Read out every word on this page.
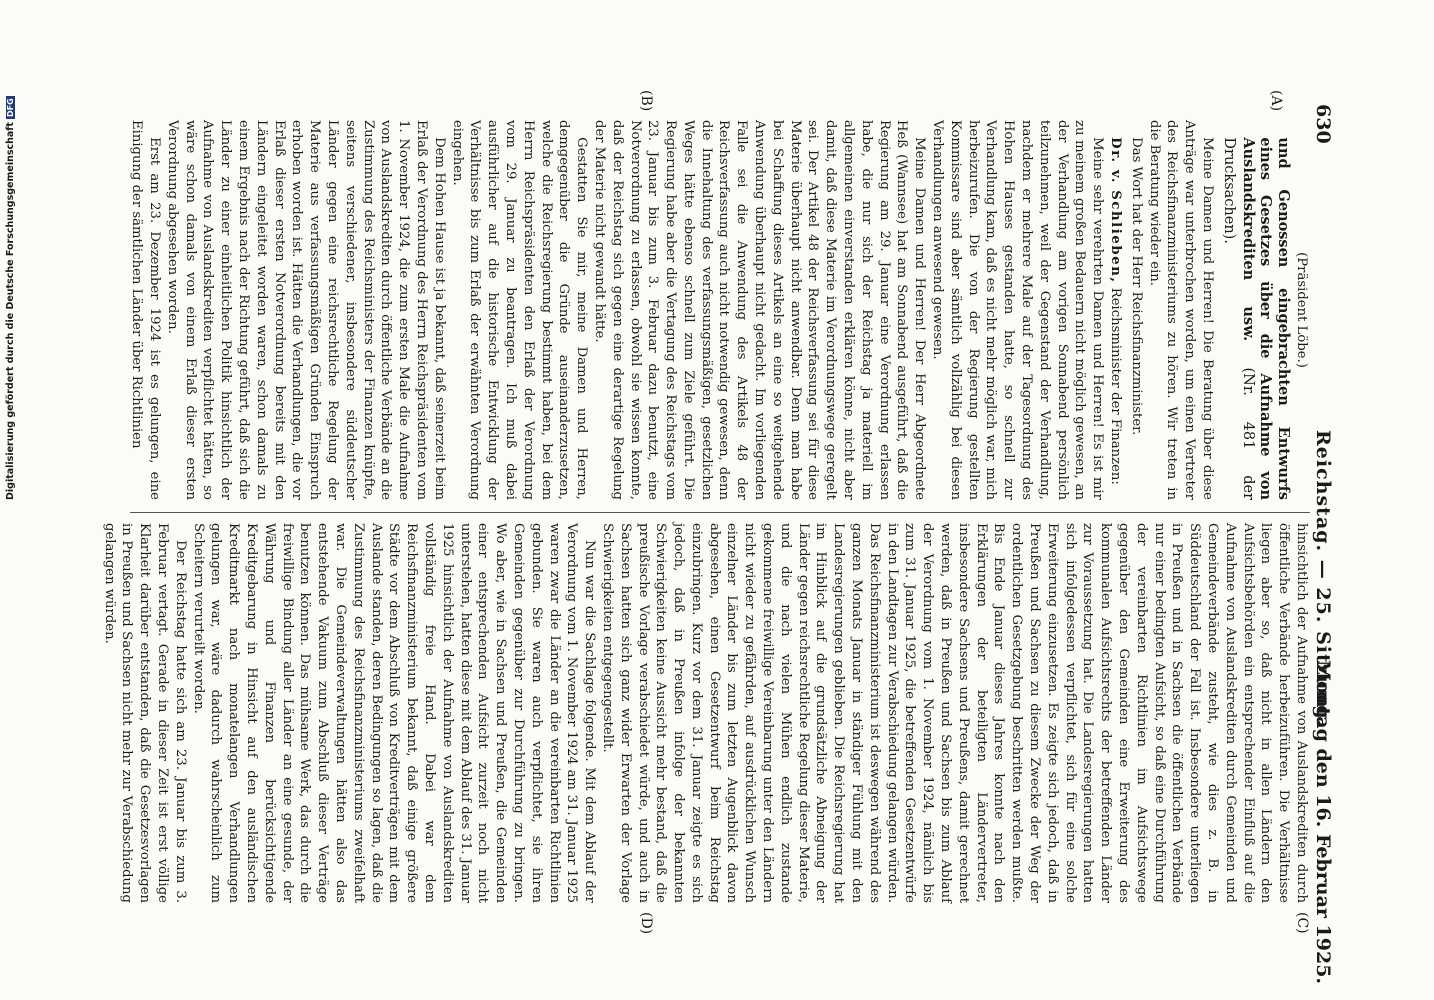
630
Reichstag. — 25. Sitzung.
Montag den 16. Februar 1925.
(A)
(B)
(C)
(D)

(Präsident Löbe.)

und Genossen eingebrachten Entwurfs eines Gesetzes über die Aufnahme von Auslandskrediten usw. (Nr. 481 der Drucksachen).

Meine Damen und Herren! Die Beratung über diese Anträge war unterbrochen worden, um einen Vertreter des Reichsfinanzministeriums zu hören. Wir treten in die Beratung wieder ein.

Das Wort hat der Herr Reichsfinanzminister.

Dr. v. Schlieben, Reichsminister der Finanzen:

Meine sehr verehrten Damen und Herren! Es ist mir zu meinem großen Bedauern nicht möglich gewesen, an der Verhandlung am vorigen Sonnabend persönlich teilzunehmen, weil der Gegenstand der Verhandlung, nachdem er mehrere Male auf der Tagesordnung des Hohen Hauses gestanden hatte, so schnell zur Verhandlung kam, daß es nicht mehr möglich war, mich herbeizurufen. Die von der Regierung gestellten Kommissare sind aber sämtlich vollzählig bei diesen Verhandlungen anwesend gewesen.

Meine Damen und Herren! Der Herr Abgeordnete Heß (Wannsee) hat am Sonnabend ausgeführt, daß die Regierung am 29. Januar eine Verordnung erlassen habe, die nur sich der Reichstag ja materiell im allgemeinen einverstanden erklären könne, nicht aber damit, daß diese Materie im Verordnungswege geregelt sei. Der Artikel 48 der Reichsverfassung sei für diese Materie überhaupt nicht anwendbar. Denn man habe bei Schaffung dieses Artikels an eine so weitgehende Anwendung überhaupt nicht gedacht. Im vorliegenden Falle sei die Anwendung des Artikels 48 der Reichsverfassung auch nicht notwendig gewesen, denn die Innehaltung des verfassungsmäßigen, gesetzlichen Weges hätte ebenso schnell zum Ziele geführt. Die Regierung habe aber die Vertagung des Reichstags vom 23. Januar bis zum 3. Februar dazu benutzt, eine Notverordnung zu erlassen, obwohl sie wissen konnte, daß der Reichstag sich gegen eine derartige Regelung der Materie nicht gewandt hätte.

Gestatten Sie mir, meine Damen und Herren, demgegenüber die Gründe auseinanderzusetzen, welche die Reichsregierung bestimmt haben, bei dem Herrn Reichspräsidenten den Erlaß der Verordnung vom 29. Januar zu beantragen. Ich muß dabei ausführlicher auf die historische Entwicklung der Verhältnisse bis zum Erlaß der erwähnten Verordnung eingehen.

Dem Hohen Hause ist ja bekannt, daß seinerzeit beim Erlaß der Verordnung des Herrn Reichspräsidenten vom 1. November 1924, die zum ersten Male die Aufnahme von Auslandskrediten durch öffentliche Verbände an die Zustimmung des Reichsministers der Finanzen knüpfte, seitens verschiedener, insbesondere süddeutscher Länder gegen eine reichsrechtliche Regelung der Materie aus verfassungsmäßigen Gründen Einspruch erhoben worden ist. Hätten die Verhandlungen, die vor Erlaß dieser ersten Notverordnung bereits mit den Ländern eingeleitet worden waren, schon damals zu einem Ergebnis nach der Richtung geführt, daß sich die Länder zu einer einheitlichen Politik hinsichtlich der Aufnahme von Auslandskrediten verpflichtet hätten, so wäre schon damals von einem Erlaß dieser ersten Verordnung abgesehen worden.

Erst am 23. Dezember 1924 ist es gelungen, eine Einigung der sämtlichen Länder über Richtlinien

hinsichtlich der Aufnahme von Auslandskrediten durch öffentliche Verbände herbeizuführen. Die Verhältnisse liegen aber so, daß nicht in allen Ländern den Aufsichtsbehörden ein entsprechender Einfluß auf die Aufnahme von Auslandskrediten durch Gemeinden und Gemeindeverbände zusteht, wie dies z. B. in Süddeutschland der Fall ist. Insbesondere unterliegen in Preußen und in Sachsen die öffentlichen Verbände nur einer bedingten Aufsicht, so daß eine Durchführung der vereinbarten Richtlinien im Aufsichtswege gegenüber den Gemeinden eine Erweiterung des kommunalen Aufsichtsrechts der betreffenden Länder zur Voraussetzung hat. Die Landesregierungen hatten sich infolgedessen verpflichtet, sich für eine solche Erweiterung einzusetzen. Es zeigte sich jedoch, daß in Preußen und Sachsen zu diesem Zwecke der Weg der ordentlichen Gesetzgebung beschritten werden mußte. Bis Ende Januar dieses Jahres konnte nach den Erklärungen der beteiligten Ländervertreter, insbesondere Sachsens und Preußens, damit gerechnet werden, daß in Preußen und Sachsen bis zum Ablauf der Verordnung vom 1. November 1924, nämlich bis zum 31. Januar 1925, die betreffenden Gesetzentwürfe in den Landtagen zur Verabschiedung gelangen würden. Das Reichsfinanzministerium ist deswegen während des ganzen Monats Januar in ständiger Fühlung mit den Landesregierungen geblieben. Die Reichsregierung hat im Hinblick auf die grundsätzliche Abneigung der Länder gegen reichsrechtliche Regelung dieser Materie, und die nach vielen Mühen endlich zustande gekommene freiwillige Vereinbarung unter den Ländern nicht wieder zu gefährden, auf ausdrücklichen Wunsch einzelner Länder bis zum letzten Augenblick davon abgesehen, einen Gesetzentwurf beim Reichstag einzubringen. Kurz vor dem 31. Januar zeigte es sich jedoch, daß in Preußen infolge der bekannten Schwierigkeiten keine Aussicht mehr bestand, daß die preußische Vorlage verabschiedet würde, und auch in Sachsen hatten sich ganz wider Erwarten der Vorlage Schwierigkeiten entgegengestellt.

Nun war die Sachlage folgende. Mit dem Ablauf der Verordnung vom 1. November 1924 am 31. Januar 1925 waren zwar die Länder an die vereinbarten Richtlinien gebunden. Sie waren auch verpflichtet, sie ihren Gemeinden gegenüber zur Durchführung zu bringen. Wo aber, wie in Sachsen und Preußen, die Gemeinden einer entsprechenden Aufsicht zurzeit noch nicht unterstehen, hatten diese mit dem Ablauf des 31. Januar 1925 hinsichtlich der Aufnahme von Auslandskrediten vollständig freie Hand. Dabei war dem Reichsfinanzministerium bekannt, daß einige größere Städte vor dem Abschluß von Kreditverträgen mit dem Auslande standen, deren Bedingungen so lagen, daß die Zustimmung des Reichsfinanzministeriums zweifelhaft war. Die Gemeindeverwaltungen hätten also das entstehende Vakuum zum Abschluß dieser Verträge benutzen können. Das mühsame Werk, das durch die freiwillige Bindung aller Länder an eine gesunde, der Währung und Finanzen berücksichtigende Kreditgebarung in Hinsicht auf den ausländischen Kreditmarkt nach monatelangen Verhandlungen gelungen war, wäre dadurch wahrscheinlich zum Scheitern verurteilt worden.

Der Reichstag hatte sich am 23. Januar bis zum 3. Februar vertagt. Gerade in dieser Zeit ist erst völlige Klarheit darüber entstanden, daß die Gesetzesvorlagen in Preußen und Sachsen nicht mehr zur Verabschiedung gelangen würden.

Digitalisierung gefördert durch die Deutsche ForschungsgemeinschaftDFG
